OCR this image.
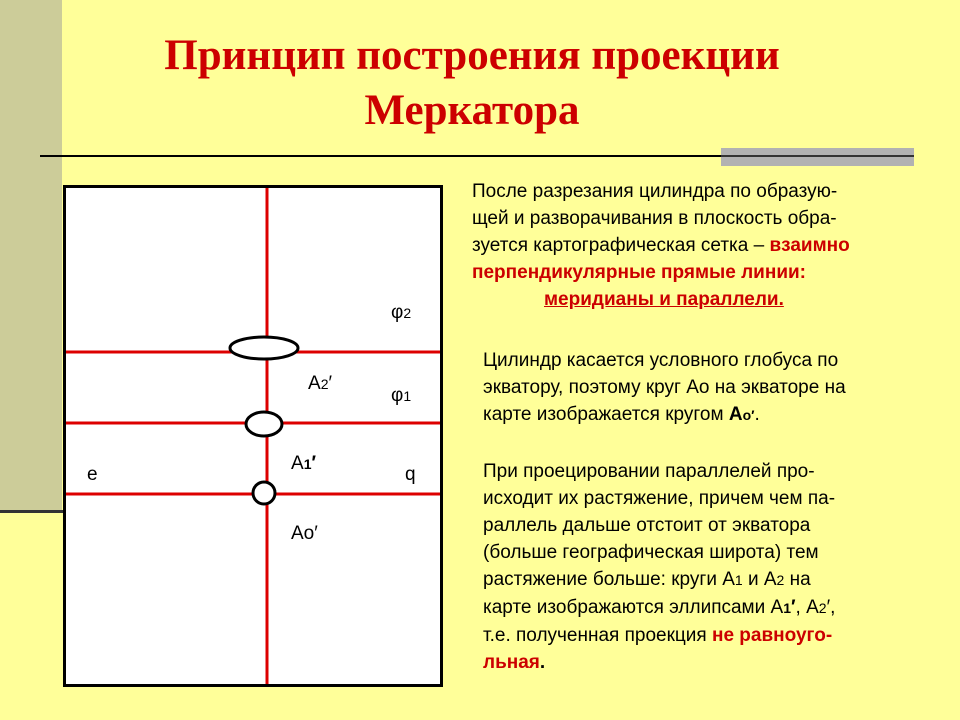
Принцип построения проекции
Меркатора
φ2
φ1
A2′
A1′
Ao′
e	q
После разрезания цилиндра по образую-
щей и разворачивания в плоскость обра-
зуется картографическая сетка – взаимно
перпендикулярные прямые линии:

меридианы и параллели.
Цилиндр касается условного глобуса по
экватору, поэтому круг Ао на экваторе на
карте изображается кругом Ао′.
При проецировании параллелей про-
исходит их растяжение, причем чем па-
раллель дальше отстоит от экватора
(больше географическая широта) тем
растяжение больше: круги А1 и А2 на
карте изображаются эллипсами А1′, А2′,
т.е. полученная проекция не равноуго-
льная.
